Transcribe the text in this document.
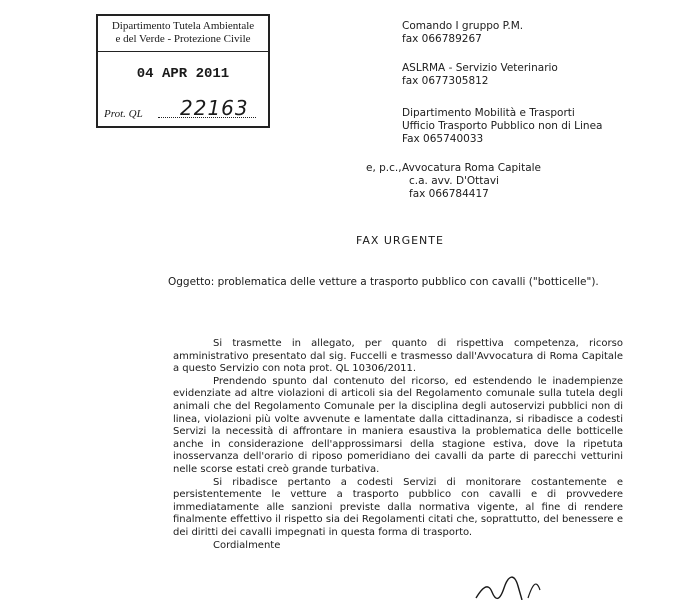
Dipartimento Tutela Ambientale
e del Verde - Protezione Civile
04 APR 2011
Prot. QL 22163
Comando I gruppo P.M.
fax 066789267
ASLRMA - Servizio Veterinario
fax 0677305812
Dipartimento Mobilità e Trasporti
Ufficio Trasporto Pubblico non di Linea
Fax 065740033
e, p.c., Avvocatura Roma Capitale
c.a. avv. D'Ottavi
fax 066784417
FAX URGENTE
Oggetto: problematica delle vetture a trasporto pubblico con cavalli ("botticelle").

Si trasmette in allegato, per quanto di rispettiva competenza, ricorso amministrativo presentato dal sig. Fuccelli e trasmesso dall'Avvocatura di Roma Capitale a questo Servizio con nota prot. QL 10306/2011.

Prendendo spunto dal contenuto del ricorso, ed estendendo le inadempienze evidenziate ad altre violazioni di articoli sia del Regolamento comunale sulla tutela degli animali che del Regolamento Comunale per la disciplina degli autoservizi pubblici non di linea, violazioni più volte avvenute e lamentate dalla cittadinanza, si ribadisce a codesti Servizi la necessità di affrontare in maniera esaustiva la problematica delle botticelle anche in considerazione dell'approssimarsi della stagione estiva, dove la ripetuta inosservanza dell'orario di riposo pomeridiano dei cavalli da parte di parecchi vetturini nelle scorse estati creò grande turbativa.

Si ribadisce pertanto a codesti Servizi di monitorare costantemente e persistentemente le vetture a trasporto pubblico con cavalli e di provvedere immediatamente alle sanzioni previste dalla normativa vigente, al fine di rendere finalmente effettivo il rispetto sia dei Regolamenti citati che, soprattutto, del benessere e dei diritti dei cavalli impegnati in questa forma di trasporto.

Cordialmente
